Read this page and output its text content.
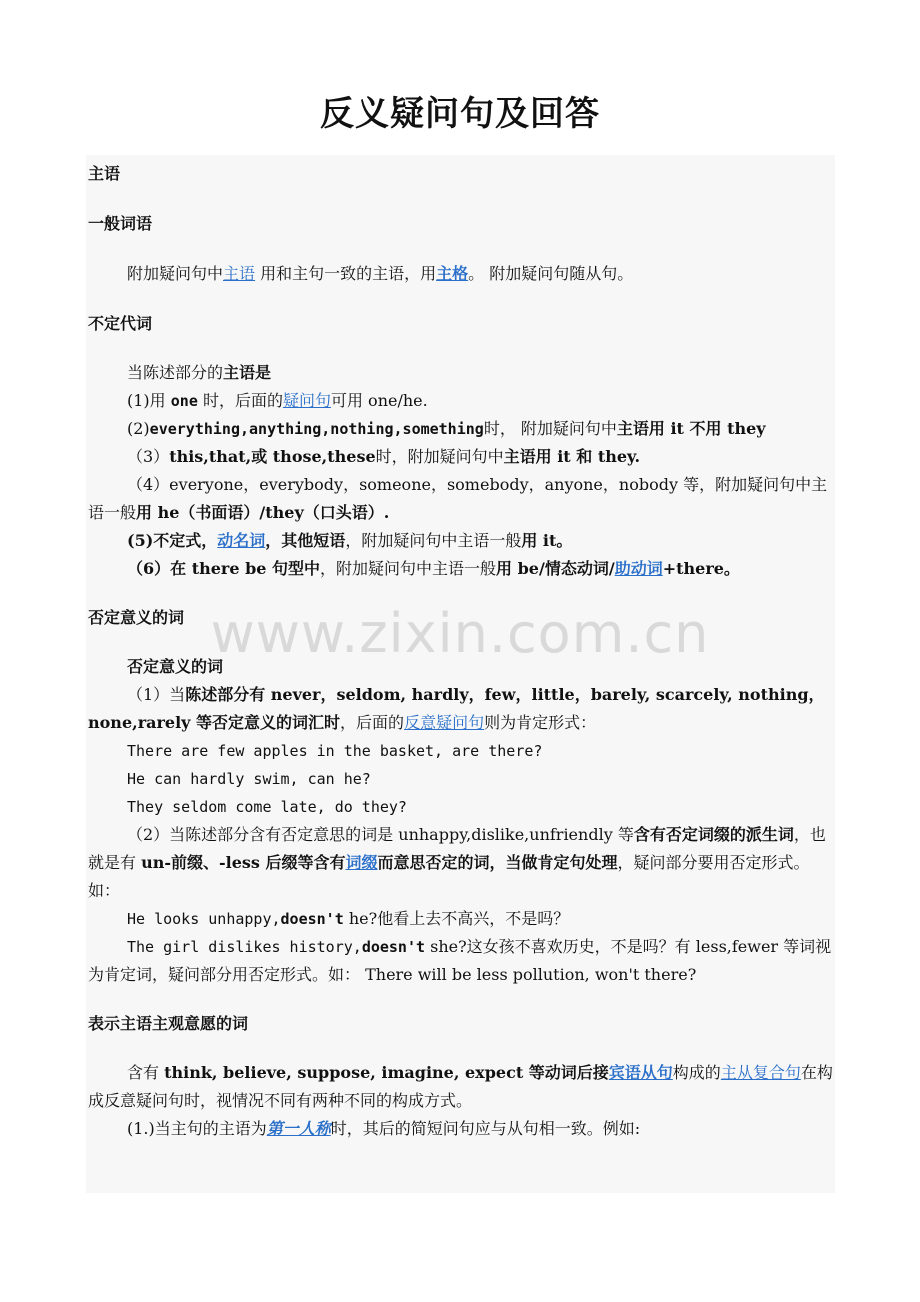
反义疑问句及回答

主语

一般词语

附加疑问句中主语 用和主句一致的主语，用主格。 附加疑问句随从句。

不定代词

当陈述部分的主语是

(1)用 one 时，后面的疑问句可用 one/he.

(2)everything,anything,nothing,something时， 附加疑问句中主语用 it 不用 they

（3）this,that,或 those,these时，附加疑问句中主语用 it 和 they.

（4）everyone，everybody，someone，somebody，anyone，nobody 等，附加疑问句中主语一般用 he（书面语）/they（口头语）.

(5)不定式，动名词，其他短语，附加疑问句中主语一般用 it。

（6）在 there be 句型中，附加疑问句中主语一般用 be/情态动词/助动词+there。

否定意义的词

否定意义的词

（1）当陈述部分有 never，seldom, hardly，few，little，barely, scarcely, nothing，none,rarely 等否定意义的词汇时，后面的反意疑问句则为肯定形式：

There are few apples in the basket, are there?

He can hardly swim, can he?

They seldom come late, do they?

（2）当陈述部分含有否定意思的词是 unhappy,dislike,unfriendly 等含有否定词缀的派生词，也就是有 un-前缀、-less 后缀等含有词缀而意思否定的词，当做肯定句处理，疑问部分要用否定形式。如：

He looks unhappy,doesn't he?他看上去不高兴，不是吗？

The girl dislikes history,doesn't she?这女孩不喜欢历史，不是吗？有 less,fewer 等词视为肯定词，疑问部分用否定形式。如： There will be less pollution, won't there?

表示主语主观意愿的词

含有 think, believe, suppose, imagine, expect 等动词后接宾语从句构成的主从复合句在构成反意疑问句时，视情况不同有两种不同的构成方式。

(1.)当主句的主语为第一人称时，其后的简短问句应与从句相一致。例如:

www.zixin.com.cn
